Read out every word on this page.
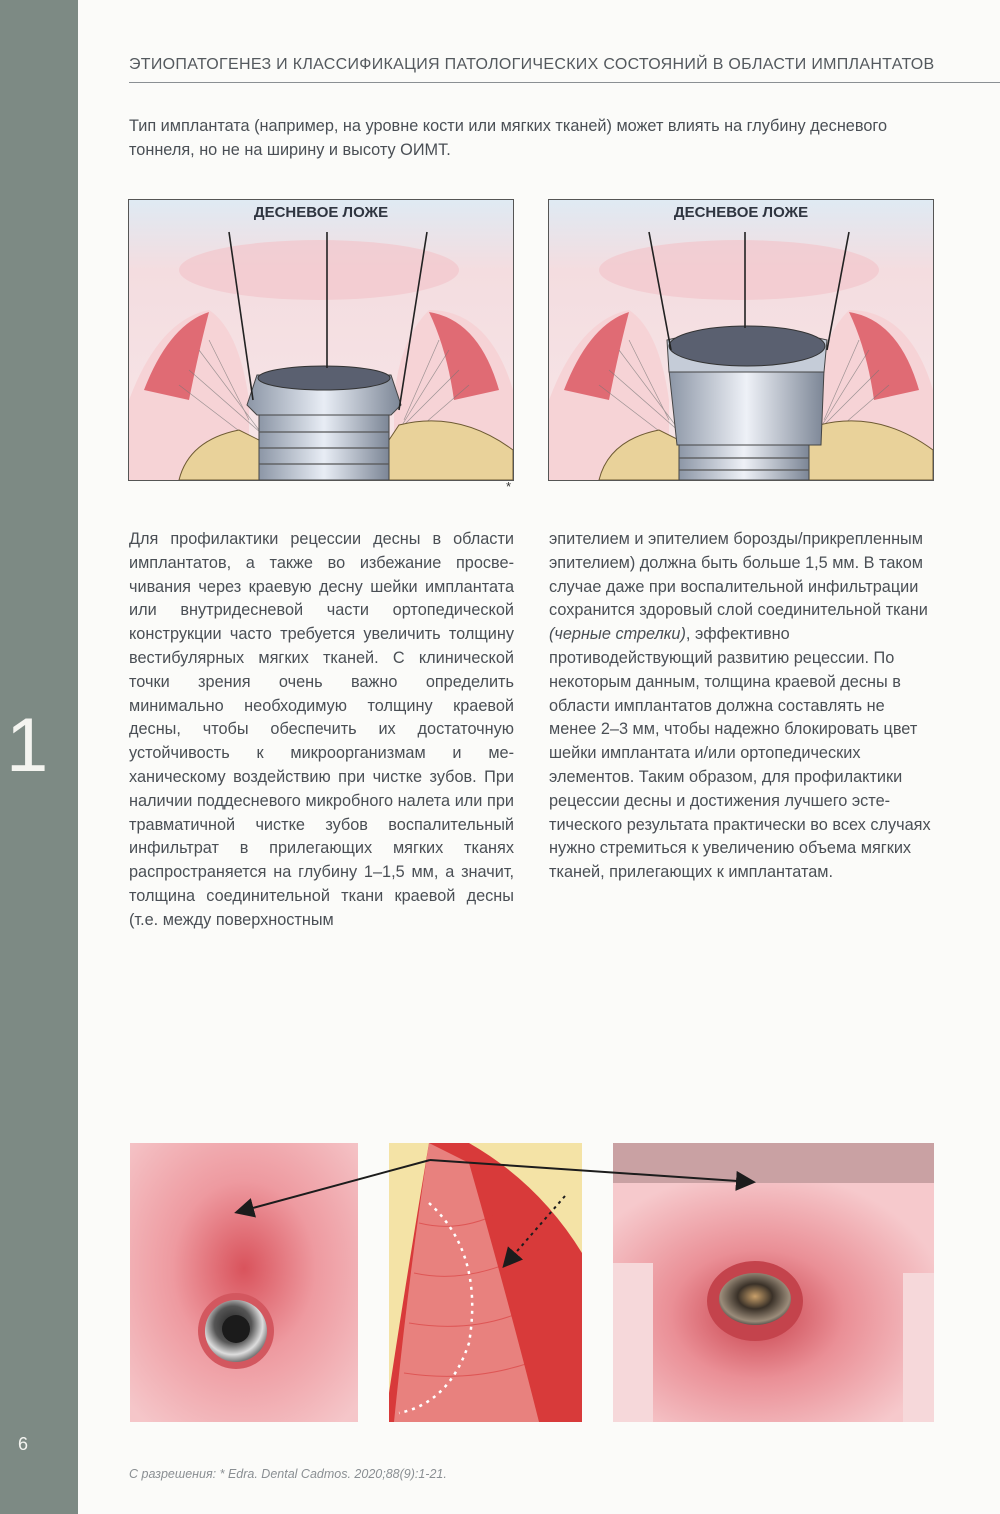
1
6
ЭТИОПАТОГЕНЕЗ И КЛАССИФИКАЦИЯ ПАТОЛОГИЧЕСКИХ СОСТОЯНИЙ В ОБЛАСТИ ИМПЛАНТАТОВ
Тип имплантата (например, на уровне кости или мягких тканей) может влиять на глубину десневого тоннеля, но не на ширину и высоту ОИМТ.
ДЕСНЕВОЕ ЛОЖЕ
*
ДЕСНЕВОЕ ЛОЖЕ

Для профилактики рецессии десны в области имплантатов, а также во избежание просвечивания через краевую десну шейки имплантата или внутридесневой части ортопедической конструкции часто требуется увеличить толщину вестибулярных мягких тканей. С клинической точки зрения очень важно определить минимально необходимую толщину краевой десны, чтобы обеспечить их достаточную устойчивость к микроорганизмам и механическому воздействию при чистке зубов. При наличии поддесневого микробного налета или при травматичной чистке зубов воспалительный инфильтрат в прилегающих мягких тканях распространяется на глубину 1–1,5 мм, а значит, толщина соединительной ткани краевой десны (т.е. между поверхностным

эпителием и эпителием борозды/прикрепленным эпителием) должна быть больше 1,5 мм. В таком случае даже при воспалительной инфильтрации сохранится здоровый слой соединительной ткани (черные стрелки), эффективно противодействующий развитию рецессии. По некоторым данным, толщина краевой десны в области имплантатов должна составлять не менее 2–3 мм, чтобы надежно блокировать цвет шейки имплантата и/или ортопедических элементов. Таким образом, для профилактики рецессии десны и достижения лучшего эстетического результата практически во всех случаях нужно стремиться к увеличению объема мягких тканей, прилегающих к имплантатам.

С разрешения: * Edra. Dental Cadmos. 2020;88(9):1-21.
